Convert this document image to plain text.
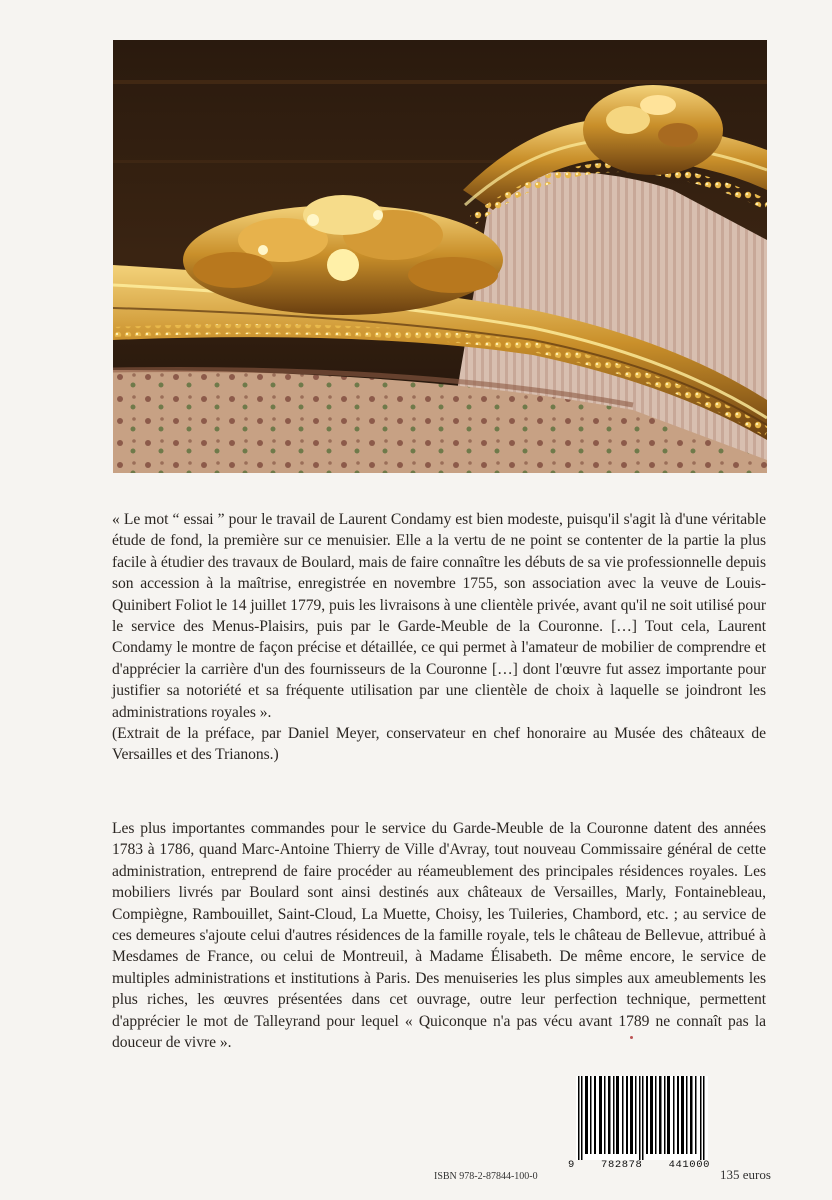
« Le mot “ essai ” pour le travail de Laurent Condamy est bien modeste, puisqu'il s'agit là d'une véritable étude de fond, la première sur ce menuisier. Elle a la vertu de ne point se contenter de la partie la plus facile à étudier des travaux de Boulard, mais de faire connaître les débuts de sa vie professionnelle depuis son accession à la maîtrise, enregistrée en novembre 1755, son association avec la veuve de Louis-Quinibert Foliot le 14 juillet 1779, puis les livraisons à une clientèle privée, avant qu'il ne soit utilisé pour le service des Menus-Plaisirs, puis par le Garde-Meuble de la Couronne. […] Tout cela, Laurent Condamy le montre de façon précise et détaillée, ce qui permet à l'amateur de mobilier de comprendre et d'apprécier la carrière d'un des fournisseurs de la Couronne […] dont l'œuvre fut assez importante pour justifier sa notoriété et sa fréquente utilisation par une clientèle de choix à laquelle se joindront les administrations royales ».

(Extrait de la préface, par Daniel Meyer, conservateur en chef honoraire au Musée des châteaux de Versailles et des Trianons.)

Les plus importantes commandes pour le service du Garde-Meuble de la Couronne datent des années 1783 à 1786, quand Marc-Antoine Thierry de Ville d'Avray, tout nouveau Commissaire général de cette administration, entreprend de faire procéder au réameublement des principales résidences royales. Les mobiliers livrés par Boulard sont ainsi destinés aux châteaux de Versailles, Marly, Fontainebleau, Compiègne, Rambouillet, Saint-Cloud, La Muette, Choisy, les Tuileries, Chambord, etc. ; au service de ces demeures s'ajoute celui d'autres résidences de la famille royale, tels le château de Bellevue, attribué à Mesdames de France, ou celui de Montreuil, à Madame Élisabeth. De même encore, le service de multiples administrations et institutions à Paris. Des menuiseries les plus simples aux ameublements les plus riches, les œuvres présentées dans cet ouvrage, outre leur perfection technique, permettent d'apprécier le mot de Talleyrand pour lequel « Quiconque n'a pas vécu avant 1789 ne connaît pas la douceur de vivre ».

9 782878 441000
ISBN 978-2-87844-100-0	135 euros
